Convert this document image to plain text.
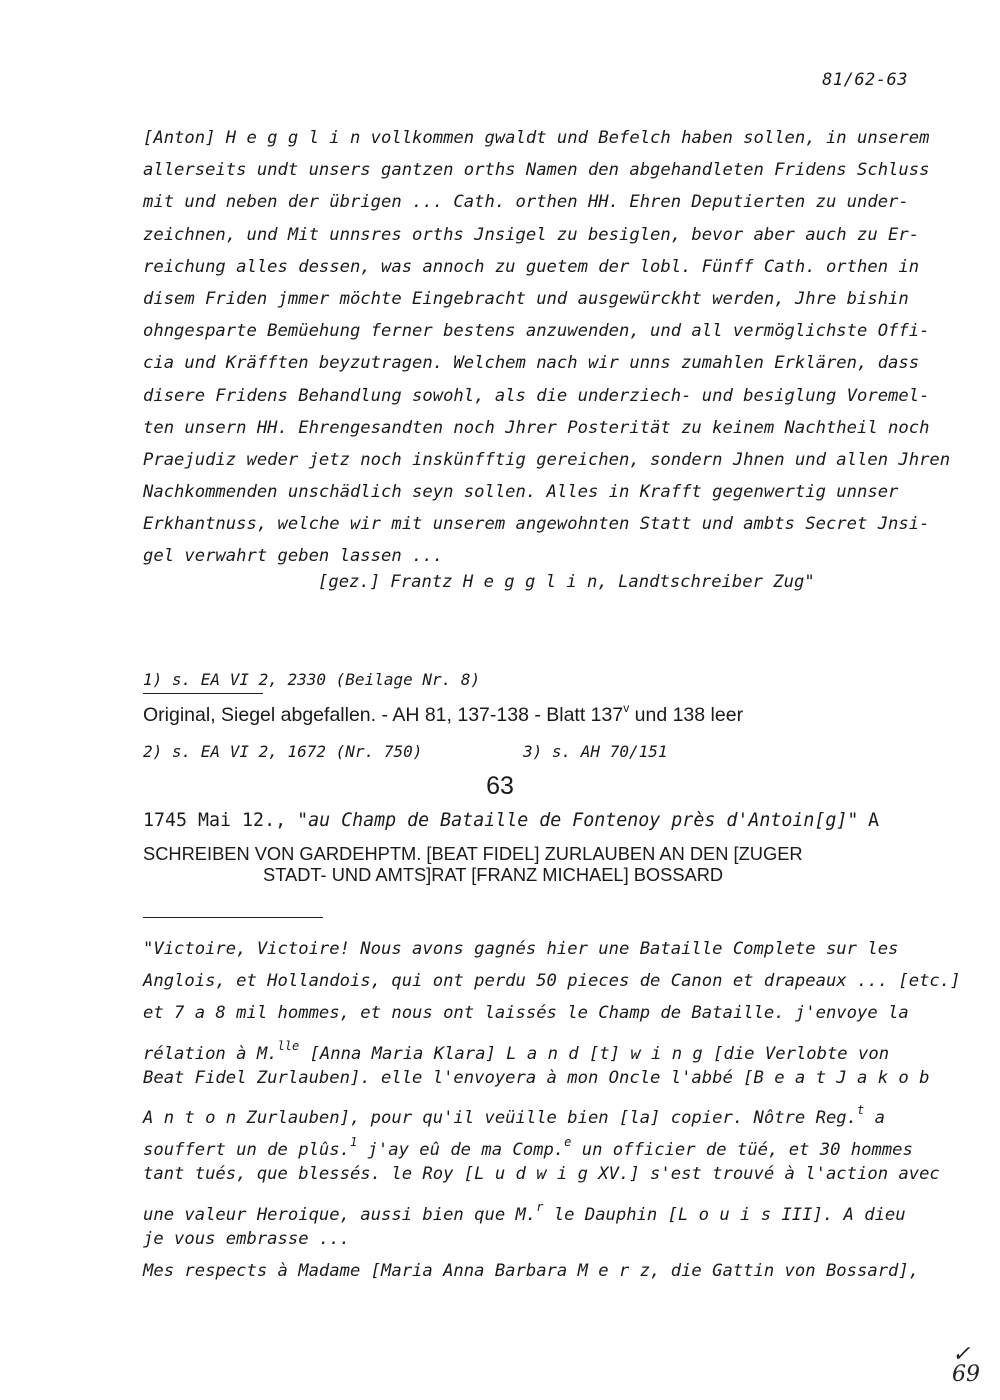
81/62-63
[Anton] H e g g l i n vollkommen gwaldt und Befelch haben sollen, in unserem
allerseits undt unsers gantzen orths Namen den abgehandleten Fridens Schluss
mit und neben der übrigen ... Cath. orthen HH. Ehren Deputierten zu under-
zeichnen, und Mit unnsres orths Jnsigel zu besiglen, bevor aber auch zu Er-
reichung alles dessen, was annoch zu guetem der lobl. Fünff Cath. orthen in
disem Friden jmmer möchte Eingebracht und ausgewürckht werden, Jhre bishin
ohngesparte Bemüehung ferner bestens anzuwenden, und all vermöglichste Offi-
cia und Kräfften beyzutragen. Welchem nach wir unns zumahlen Erklären, dass
disere Fridens Behandlung sowohl, als die underziech- und besiglung Voremel-
ten unsern HH. Ehrengesandten noch Jhrer Posterität zu keinem Nachtheil noch
Praejudiz weder jetz noch inskünfftig gereichen, sondern Jhnen und allen Jhren
Nachkommenden unschädlich seyn sollen. Alles in Krafft gegenwertig unnser
Erkhantnuss, welche wir mit unserem angewohnten Statt und ambts Secret Jnsi-
gel verwahrt geben lassen ...
[gez.] Frantz H e g g l i n, Landtschreiber Zug"

1) s. EA VI 2, 2330 (Beilage Nr. 8)

2) s. EA VI 2, 1672 (Nr. 750)	3) s. AH 70/151

Original, Siegel abgefallen. - AH 81, 137-138 - Blatt 137$^v$ und 138 leer
63
1745 Mai 12., "au Champ de Bataille de Fontenoy près d'Antoin[g]" A
SCHREIBEN VON GARDEHPTM. [BEAT FIDEL] ZURLAUBEN AN DEN [ZUGER
STADT- UND AMTS]RAT [FRANZ MICHAEL] BOSSARD
"Victoire, Victoire! Nous avons gagnés hier une Bataille Complete sur les
Anglois, et Hollandois, qui ont perdu 50 pieces de Canon et drapeaux ... [etc.]
et 7 a 8 mil hommes, et nous ont laissés le Champ de Bataille. j'envoye la
rélation à M.$^{lle}$ [Anna Maria Klara] L a n d [t] w i n g [die Verlobte von
Beat Fidel Zurlauben]. elle l'envoyera à mon Oncle l'abbé [B e a t J a k o b
A n t o n Zurlauben], pour qu'il veüille bien [la] copier. Nôtre Reg.$^t$ a
souffert un de plûs.$^1$ j'ay eû de ma Comp.$^e$ un officier de tüé, et 30 hommes
tant tués, que blessés. le Roy [L u d w i g XV.] s'est trouvé à l'action avec
une valeur Heroique, aussi bien que M.$^r$ le Dauphin [L o u i s III]. A dieu
je vous embrasse ...
Mes respects à Madame [Maria Anna Barbara M e r z, die Gattin von Bossard],
✓
69
